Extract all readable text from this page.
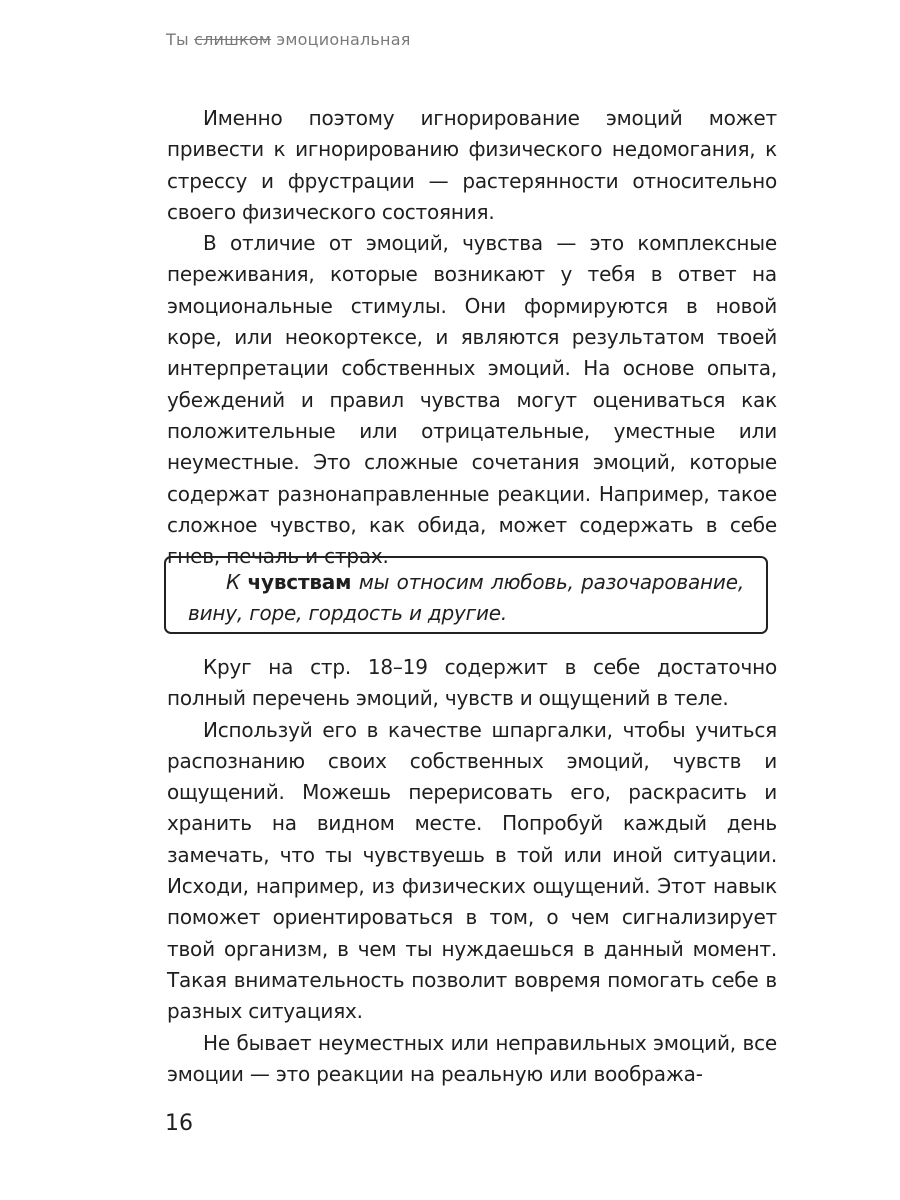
Ты слишком эмоциональная

Именно поэтому игнорирование эмоций может привести к игнорированию физического недомогания, к стрессу и фрустрации — растерянности относительно своего физического состояния.

В отличие от эмоций, чувства — это комплексные переживания, которые возникают у тебя в ответ на эмоциональные стимулы. Они формируются в новой коре, или неокортексе, и являются результатом твоей интерпретации собственных эмоций. На основе опыта, убеждений и правил чувства могут оцениваться как положительные или отрицательные, уместные или неуместные. Это сложные сочетания эмоций, которые содержат разнонаправленные реакции. Например, такое сложное чувство, как обида, может содержать в себе гнев, печаль и страх.

К чувствам мы относим любовь, разочарование, вину, горе, гордость и другие.

Круг на стр. 18–19 содержит в себе достаточно полный перечень эмоций, чувств и ощущений в теле.

Используй его в качестве шпаргалки, чтобы учиться распознанию своих собственных эмоций, чувств и ощущений. Можешь перерисовать его, раскрасить и хранить на видном месте. Попробуй каждый день замечать, что ты чувствуешь в той или иной ситуации. Исходи, например, из физических ощущений. Этот навык поможет ориентироваться в том, о чем сигнализирует твой организм, в чем ты нуждаешься в данный момент. Такая внимательность позволит вовремя помогать себе в разных ситуациях.

Не бывает неуместных или неправильных эмоций, все эмоции — это реакции на реальную или вообража-

16
